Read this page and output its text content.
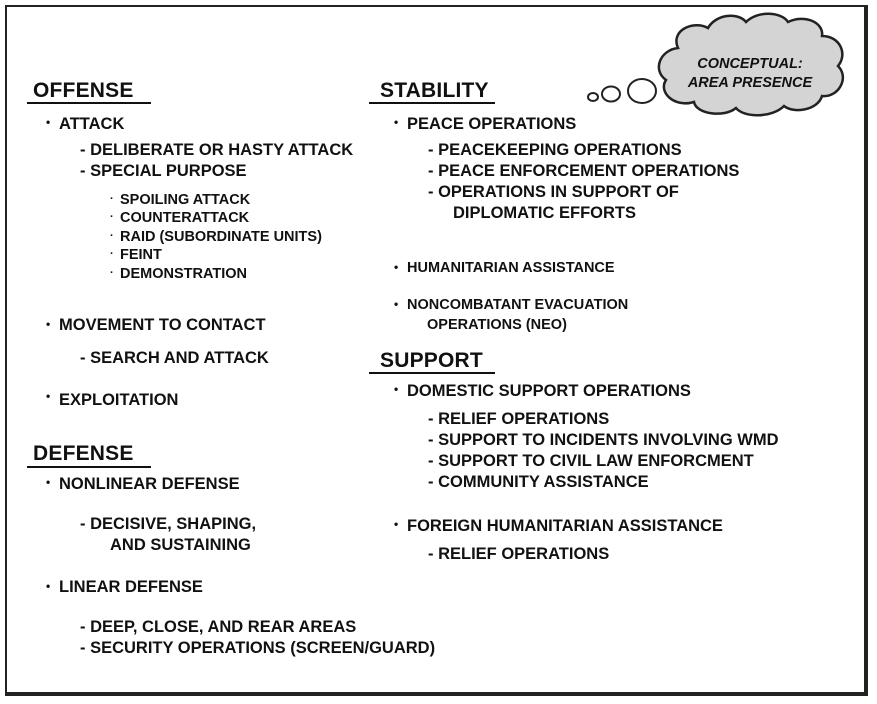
CONCEPTUAL:
AREA PRESENCE
OFFENSE
• ATTACK
- DELIBERATE OR HASTY ATTACK
- SPECIAL PURPOSE
· SPOILING ATTACK
· COUNTERATTACK
· RAID (SUBORDINATE UNITS)
· FEINT
· DEMONSTRATION
• MOVEMENT TO CONTACT
- SEARCH AND ATTACK
• EXPLOITATION
DEFENSE
• NONLINEAR DEFENSE
- DECISIVE, SHAPING,
AND SUSTAINING
• LINEAR DEFENSE
- DEEP, CLOSE, AND REAR AREAS
- SECURITY OPERATIONS (SCREEN/GUARD)
STABILITY
• PEACE OPERATIONS
- PEACEKEEPING OPERATIONS
- PEACE ENFORCEMENT OPERATIONS
- OPERATIONS IN SUPPORT OF
DIPLOMATIC EFFORTS
• HUMANITARIAN ASSISTANCE
• NONCOMBATANT EVACUATION
OPERATIONS (NEO)
SUPPORT
• DOMESTIC SUPPORT OPERATIONS
- RELIEF OPERATIONS
- SUPPORT TO INCIDENTS INVOLVING WMD
- SUPPORT TO CIVIL LAW ENFORCMENT
- COMMUNITY ASSISTANCE
• FOREIGN HUMANITARIAN ASSISTANCE
- RELIEF OPERATIONS
